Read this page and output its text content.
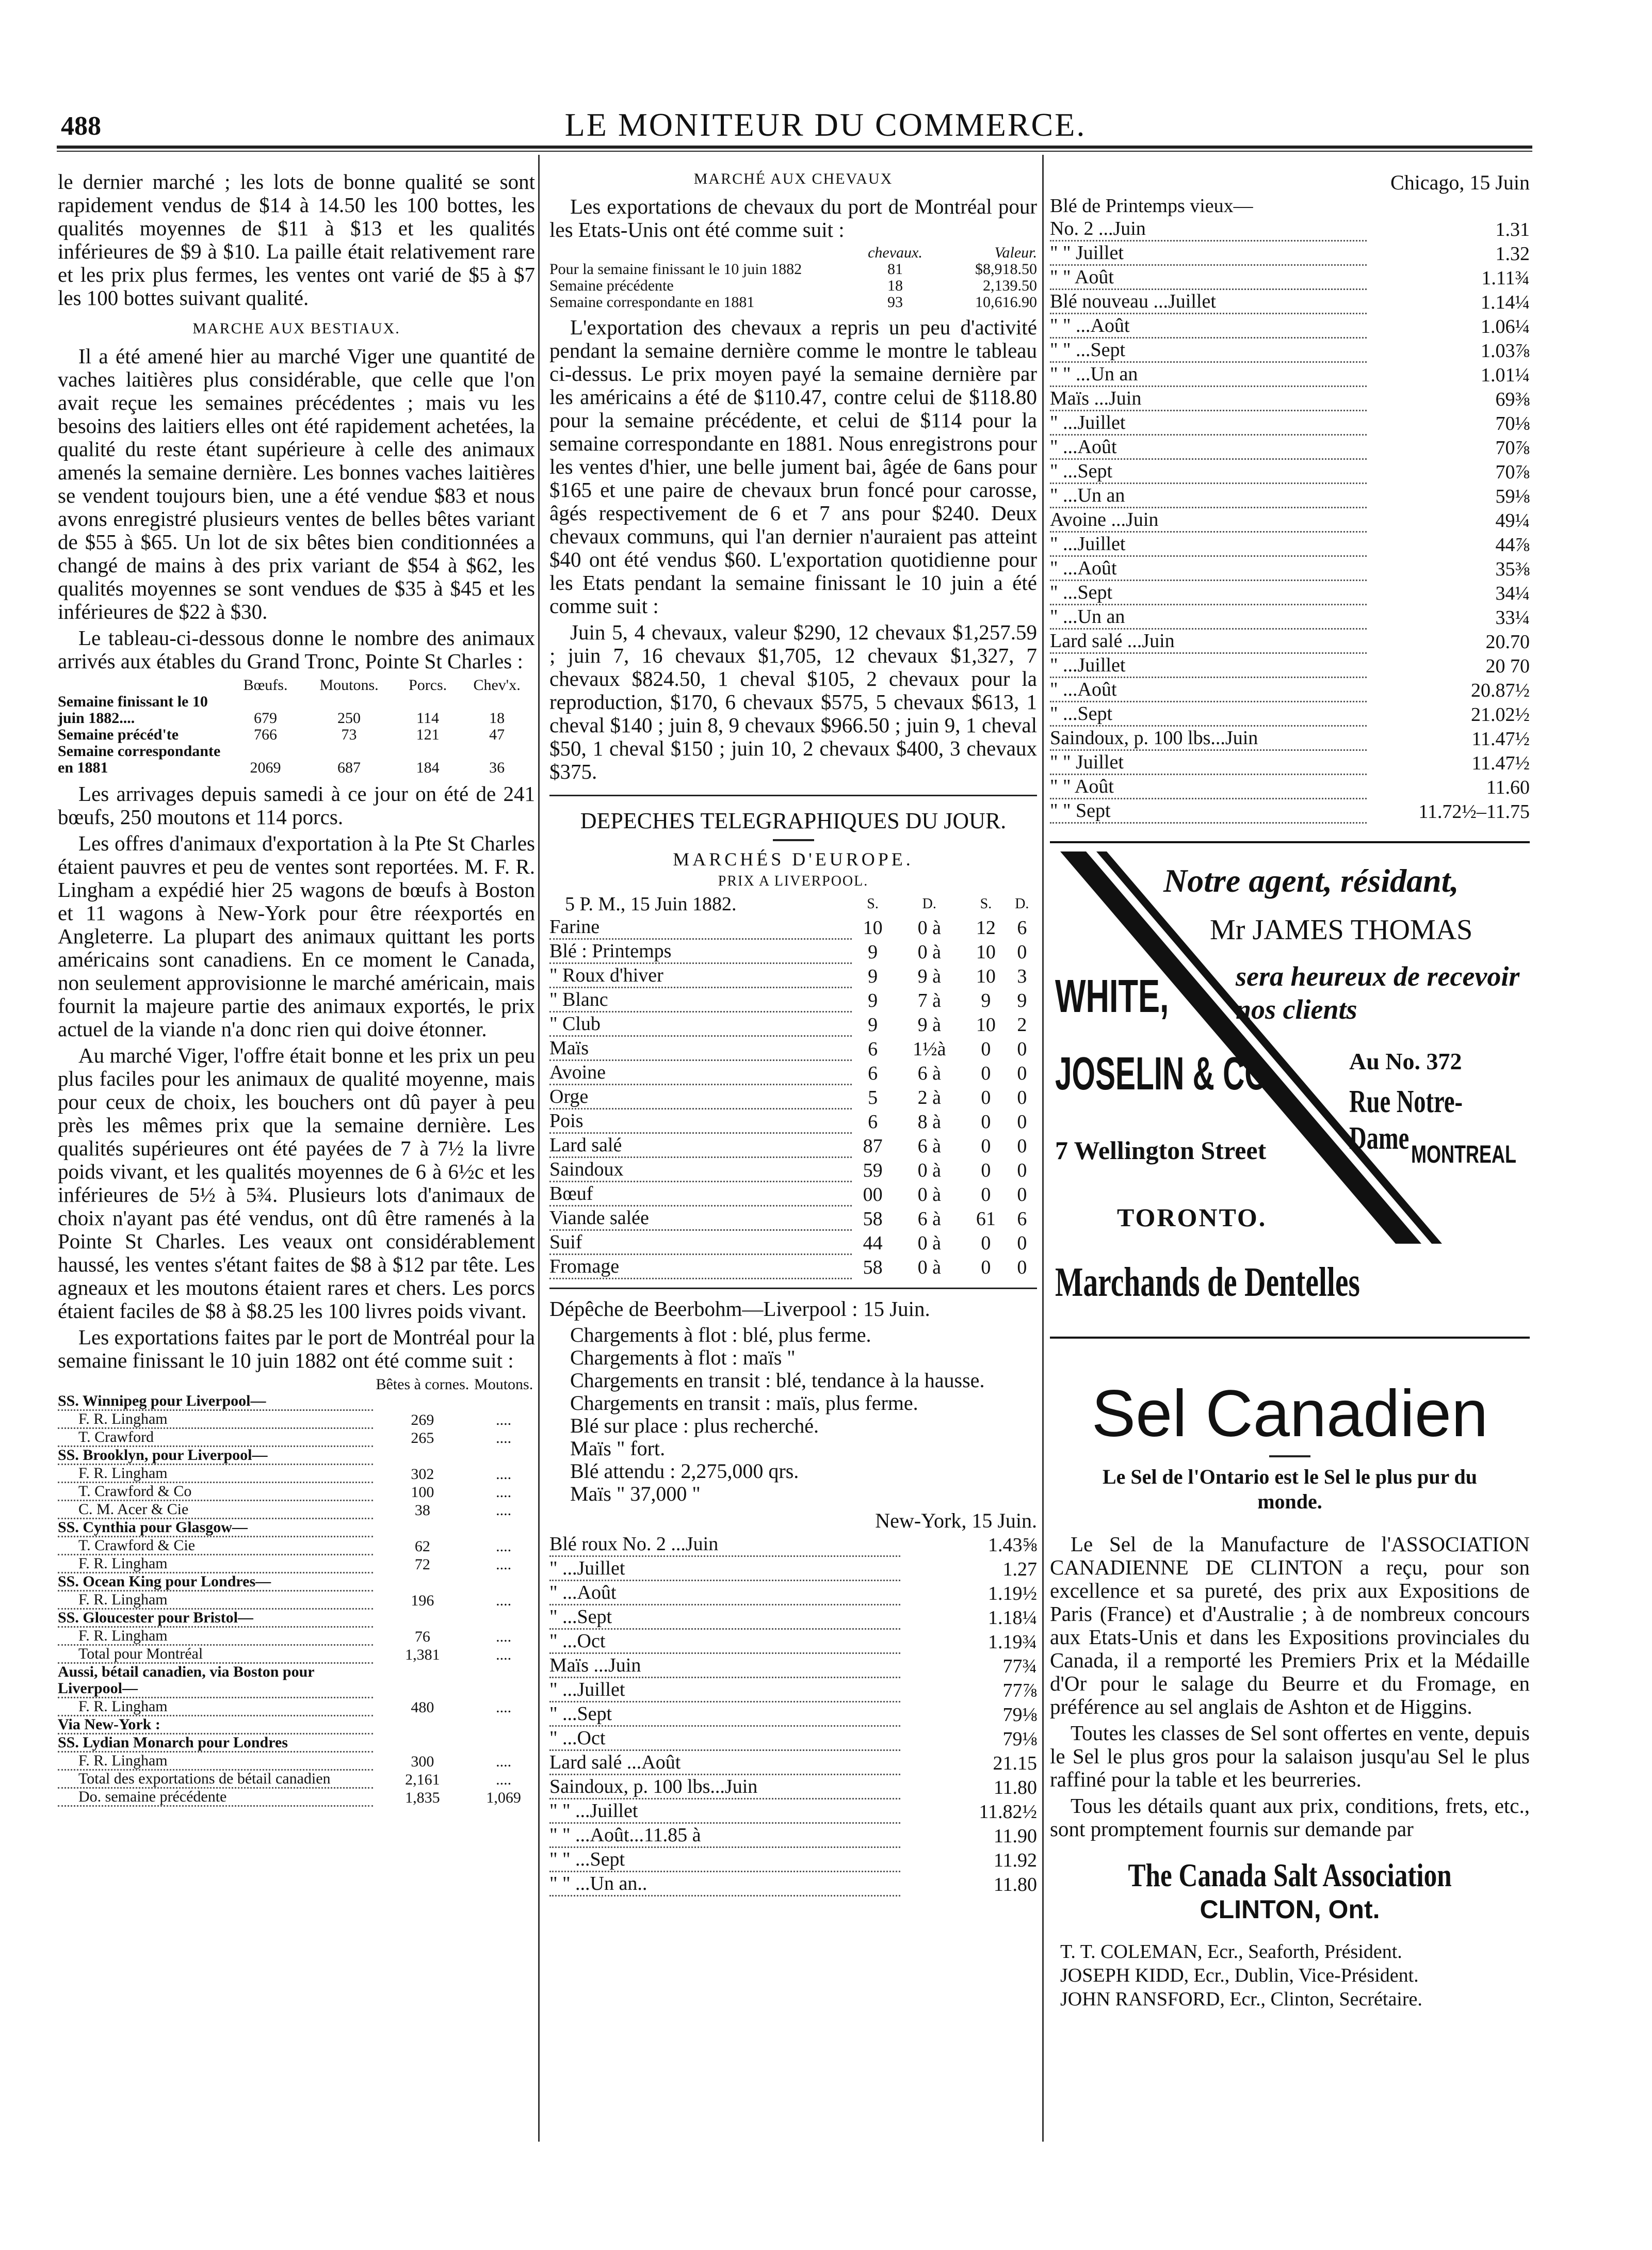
488	LE MONITEUR DU COMMERCE.

le dernier marché ; les lots de bonne qualité se sont rapidement vendus de $14 à 14.50 les 100 bottes, les qualités moyennes de $11 à $13 et les qualités inférieures de $9 à $10. La paille était relativement rare et les prix plus fermes, les ventes ont varié de $5 à $7 les 100 bottes suivant qualité.

MARCHE AUX BESTIAUX.

Il a été amené hier au marché Viger une quantité de vaches laitières plus considérable, que celle que l'on avait reçue les semaines précédentes ; mais vu les besoins des laitiers elles ont été rapidement achetées, la qualité du reste étant supérieure à celle des animaux amenés la semaine dernière. Les bonnes vaches laitières se vendent toujours bien, une a été vendue $83 et nous avons enregistré plusieurs ventes de belles bêtes variant de $55 à $65. Un lot de six bêtes bien conditionnées a changé de mains à des prix variant de $54 à $62, les qualités moyennes se sont vendues de $35 à $45 et les inférieures de $22 à $30.

Le tableau-ci-dessous donne le nombre des animaux arrivés aux étables du Grand Tronc, Pointe St Charles :

	Bœufs.	Moutons.	Porcs.	Chev'x.
Semaine finissant le 10 juin 1882....	679	250	114	18
Semaine précéd'te	766	73	121	47
Semaine correspondante en 1881	2069	687	184	36

Les arrivages depuis samedi à ce jour on été de 241 bœufs, 250 moutons et 114 porcs.

Les offres d'animaux d'exportation à la Pte St Charles étaient pauvres et peu de ventes sont reportées. M. F. R. Lingham a expédié hier 25 wagons de bœufs à Boston et 11 wagons à New-York pour être réexportés en Angleterre. La plupart des animaux quittant les ports américains sont canadiens. En ce moment le Canada, non seulement approvisionne le marché américain, mais fournit la majeure partie des animaux exportés, le prix actuel de la viande n'a donc rien qui doive étonner.

Au marché Viger, l'offre était bonne et les prix un peu plus faciles pour les animaux de qualité moyenne, mais pour ceux de choix, les bouchers ont dû payer à peu près les mêmes prix que la semaine dernière. Les qualités supérieures ont été payées de 7 à 7½ la livre poids vivant, et les qualités moyennes de 6 à 6½c et les inférieures de 5½ à 5¾. Plusieurs lots d'animaux de choix n'ayant pas été vendus, ont dû être ramenés à la Pointe St Charles. Les veaux ont considérablement haussé, les ventes s'étant faites de $8 à $12 par tête. Les agneaux et les moutons étaient rares et chers. Les porcs étaient faciles de $8 à $8.25 les 100 livres poids vivant.

Les exportations faites par le port de Montréal pour la semaine finissant le 10 juin 1882 ont été comme suit :

	Bêtes à cornes.	Moutons.
SS. Winnipeg pour Liverpool—		
F. R. Lingham	269	....
T. Crawford	265	....
SS. Brooklyn, pour Liverpool—		
F. R. Lingham	302	....
T. Crawford & Co	100	....
C. M. Acer & Cie	38	....
SS. Cynthia pour Glasgow—		
T. Crawford & Cie	62	....
F. R. Lingham	72	....
SS. Ocean King pour Londres—		
F. R. Lingham	196	....
SS. Gloucester pour Bristol—		
F. R. Lingham	76	....
Total pour Montréal	1,381	....
Aussi, bétail canadien, via Boston pour Liverpool—		
F. R. Lingham	480	....
Via New-York :		
SS. Lydian Monarch pour Londres		
F. R. Lingham	300	....
Total des exportations de bétail canadien	2,161	....
Do. semaine précédente	1,835	1,069
MARCHÉ AUX CHEVAUX

Les exportations de chevaux du port de Montréal pour les Etats-Unis ont été comme suit :

	chevaux.	Valeur.
Pour la semaine finissant le 10 juin 1882	81	$8,918.50
Semaine précédente	18	2,139.50
Semaine correspondante en 1881	93	10,616.90

L'exportation des chevaux a repris un peu d'activité pendant la semaine dernière comme le montre le tableau ci-dessus. Le prix moyen payé la semaine dernière par les américains a été de $110.47, contre celui de $118.80 pour la semaine précédente, et celui de $114 pour la semaine correspondante en 1881. Nous enregistrons pour les ventes d'hier, une belle jument bai, âgée de 6ans pour $165 et une paire de chevaux brun foncé pour carosse, âgés respectivement de 6 et 7 ans pour $240. Deux chevaux communs, qui l'an dernier n'auraient pas atteint $40 ont été vendus $60. L'exportation quotidienne pour les Etats pendant la semaine finissant le 10 juin a été comme suit :

Juin 5, 4 chevaux, valeur $290, 12 chevaux $1,257.59 ; juin 7, 16 chevaux $1,705, 12 chevaux $1,327, 7 chevaux $824.50, 1 cheval $105, 2 chevaux pour la reproduction, $170, 6 chevaux $575, 5 chevaux $613, 1 cheval $140 ; juin 8, 9 chevaux $966.50 ; juin 9, 1 cheval $50, 1 cheval $150 ; juin 10, 2 chevaux $400, 3 chevaux $375.

DEPECHES TELEGRAPHIQUES DU JOUR.
MARCHÉS D'EUROPE.
PRIX A LIVERPOOL.
5 P. M., 15 Juin 1882.	S.	D.	S.	D.
Farine	10	0 à	12	6
Blé : Printemps	9	0 à	10	0
" Roux d'hiver	9	9 à	10	3
" Blanc	9	7 à	9	9
" Club	9	9 à	10	2
Maïs	6	1½à	0	0
Avoine	6	6 à	0	0
Orge	5	2 à	0	0
Pois	6	8 à	0	0
Lard salé	87	6 à	0	0
Saindoux	59	0 à	0	0
Bœuf	00	0 à	0	0
Viande salée	58	6 à	61	6
Suif	44	0 à	0	0
Fromage	58	0 à	0	0

Dépêche de Beerbohm—Liverpool : 15 Juin.

Chargements à flot : blé, plus ferme.
Chargements à flot : maïs "
Chargements en transit : blé, tendance à la hausse.
Chargements en transit : maïs, plus ferme.
Blé sur place : plus recherché.
Maïs " fort.
Blé attendu : 2,275,000 qrs.
Maïs " 37,000 "
New-York, 15 Juin.
Blé roux No. 2 ...Juin	1.43⅝
" ...Juillet	1.27
" ...Août	1.19½
" ...Sept	1.18¼
" ...Oct	1.19¾
Maïs ...Juin	77¾
" ...Juillet	77⅞
" ...Sept	79⅛
" ...Oct	79⅛
Lard salé ...Août	21.15
Saindoux, p. 100 lbs...Juin	11.80
" " ...Juillet	11.82½
" " ...Août...11.85 à	11.90
" " ...Sept	11.92
" " ...Un an..	11.80
Chicago, 15 Juin
Blé de Printemps vieux—	
No. 2 ...Juin	1.31
" " Juillet	1.32
" " Août	1.11¾
Blé nouveau ...Juillet	1.14¼
" " ...Août	1.06¼
" " ...Sept	1.03⅞
" " ...Un an	1.01¼
Maïs ...Juin	69⅜
" ...Juillet	70⅛
" ...Août	70⅞
" ...Sept	70⅞
" ...Un an	59⅛
Avoine ...Juin	49¼
" ...Juillet	44⅞
" ...Août	35⅜
" ...Sept	34¼
" ...Un an	33¼
Lard salé ...Juin	20.70
" ...Juillet	20 70
" ...Août	20.87½
" ...Sept	21.02½
Saindoux, p. 100 lbs...Juin	11.47½
" " Juillet	11.47½
" " Août	11.60
" " Sept	11.72½–11.75
Notre agent, résidant,
Mr JAMES THOMAS
sera heureux de recevoir nos clients
WHITE,
JOSELIN & CO	Au No. 372
Rue Notre-Dame
7 Wellington Street	MONTREAL
TORONTO.
Marchands de Dentelles
Sel Canadien
Le Sel de l'Ontario est le Sel le plus pur du monde.

Le Sel de la Manufacture de l'ASSOCIATION CANADIENNE DE CLINTON a reçu, pour son excellence et sa pureté, des prix aux Expositions de Paris (France) et d'Australie ; à de nombreux concours aux Etats-Unis et dans les Expositions provinciales du Canada, il a remporté les Premiers Prix et la Médaille d'Or pour le salage du Beurre et du Fromage, en préférence au sel anglais de Ashton et de Higgins.

Toutes les classes de Sel sont offertes en vente, depuis le Sel le plus gros pour la salaison jusqu'au Sel le plus raffiné pour la table et les beurreries.

Tous les détails quant aux prix, conditions, frets, etc., sont promptement fournis sur demande par

The Canada Salt Association
CLINTON, Ont.
T. T. COLEMAN, Ecr., Seaforth, Président.
JOSEPH KIDD, Ecr., Dublin, Vice-Président.
JOHN RANSFORD, Ecr., Clinton, Secrétaire.
